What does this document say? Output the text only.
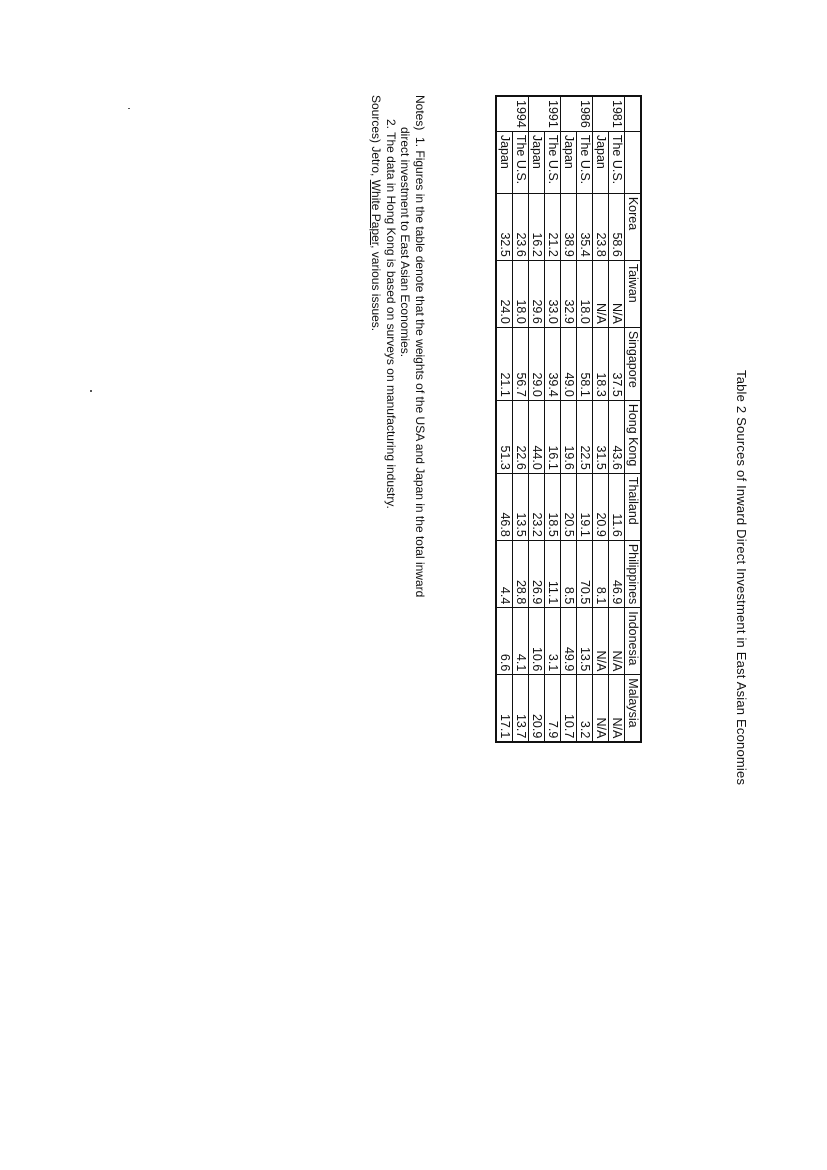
Table 2 Sources of Inward Direct Investment in East Asian Economies
		Korea	Taiwan	Singapore	Hong Kong	Thailand	Philippines	Indonesia	Malaysia
1981	The U.S.	58.6	N/A	37.5	43.6	11.6	46.9	N/A	N/A
	Japan	23.8	N/A	18.3	31.5	20.9	8.1	N/A	N/A
1986	The U.S.	35.4	18.0	58.1	22.5	19.1	70.5	13.5	3.2
	Japan	38.9	32.9	49.0	19.6	20.5	8.5	49.9	10.7
1991	The U.S.	21.2	33.0	39.4	16.1	18.5	11.1	3.1	7.9
	Japan	16.2	29.6	29.0	44.0	23.2	26.9	10.6	20.9
1994	The U.S.	23.6	18.0	56.7	22.6	13.5	28.8	4.1	13.7
	Japan	32.5	24.0	21.1	51.3	46.8	4.4	6.6	17.1
Notes)  1. Figures in the table denote that the weights of the USA and Japan in the total inward
direct investment to East Asian Economies.
2. The data in Hong Kong is based on surveys on manufacturing industry.
Sources) Jetro, White Paper, various issues.
